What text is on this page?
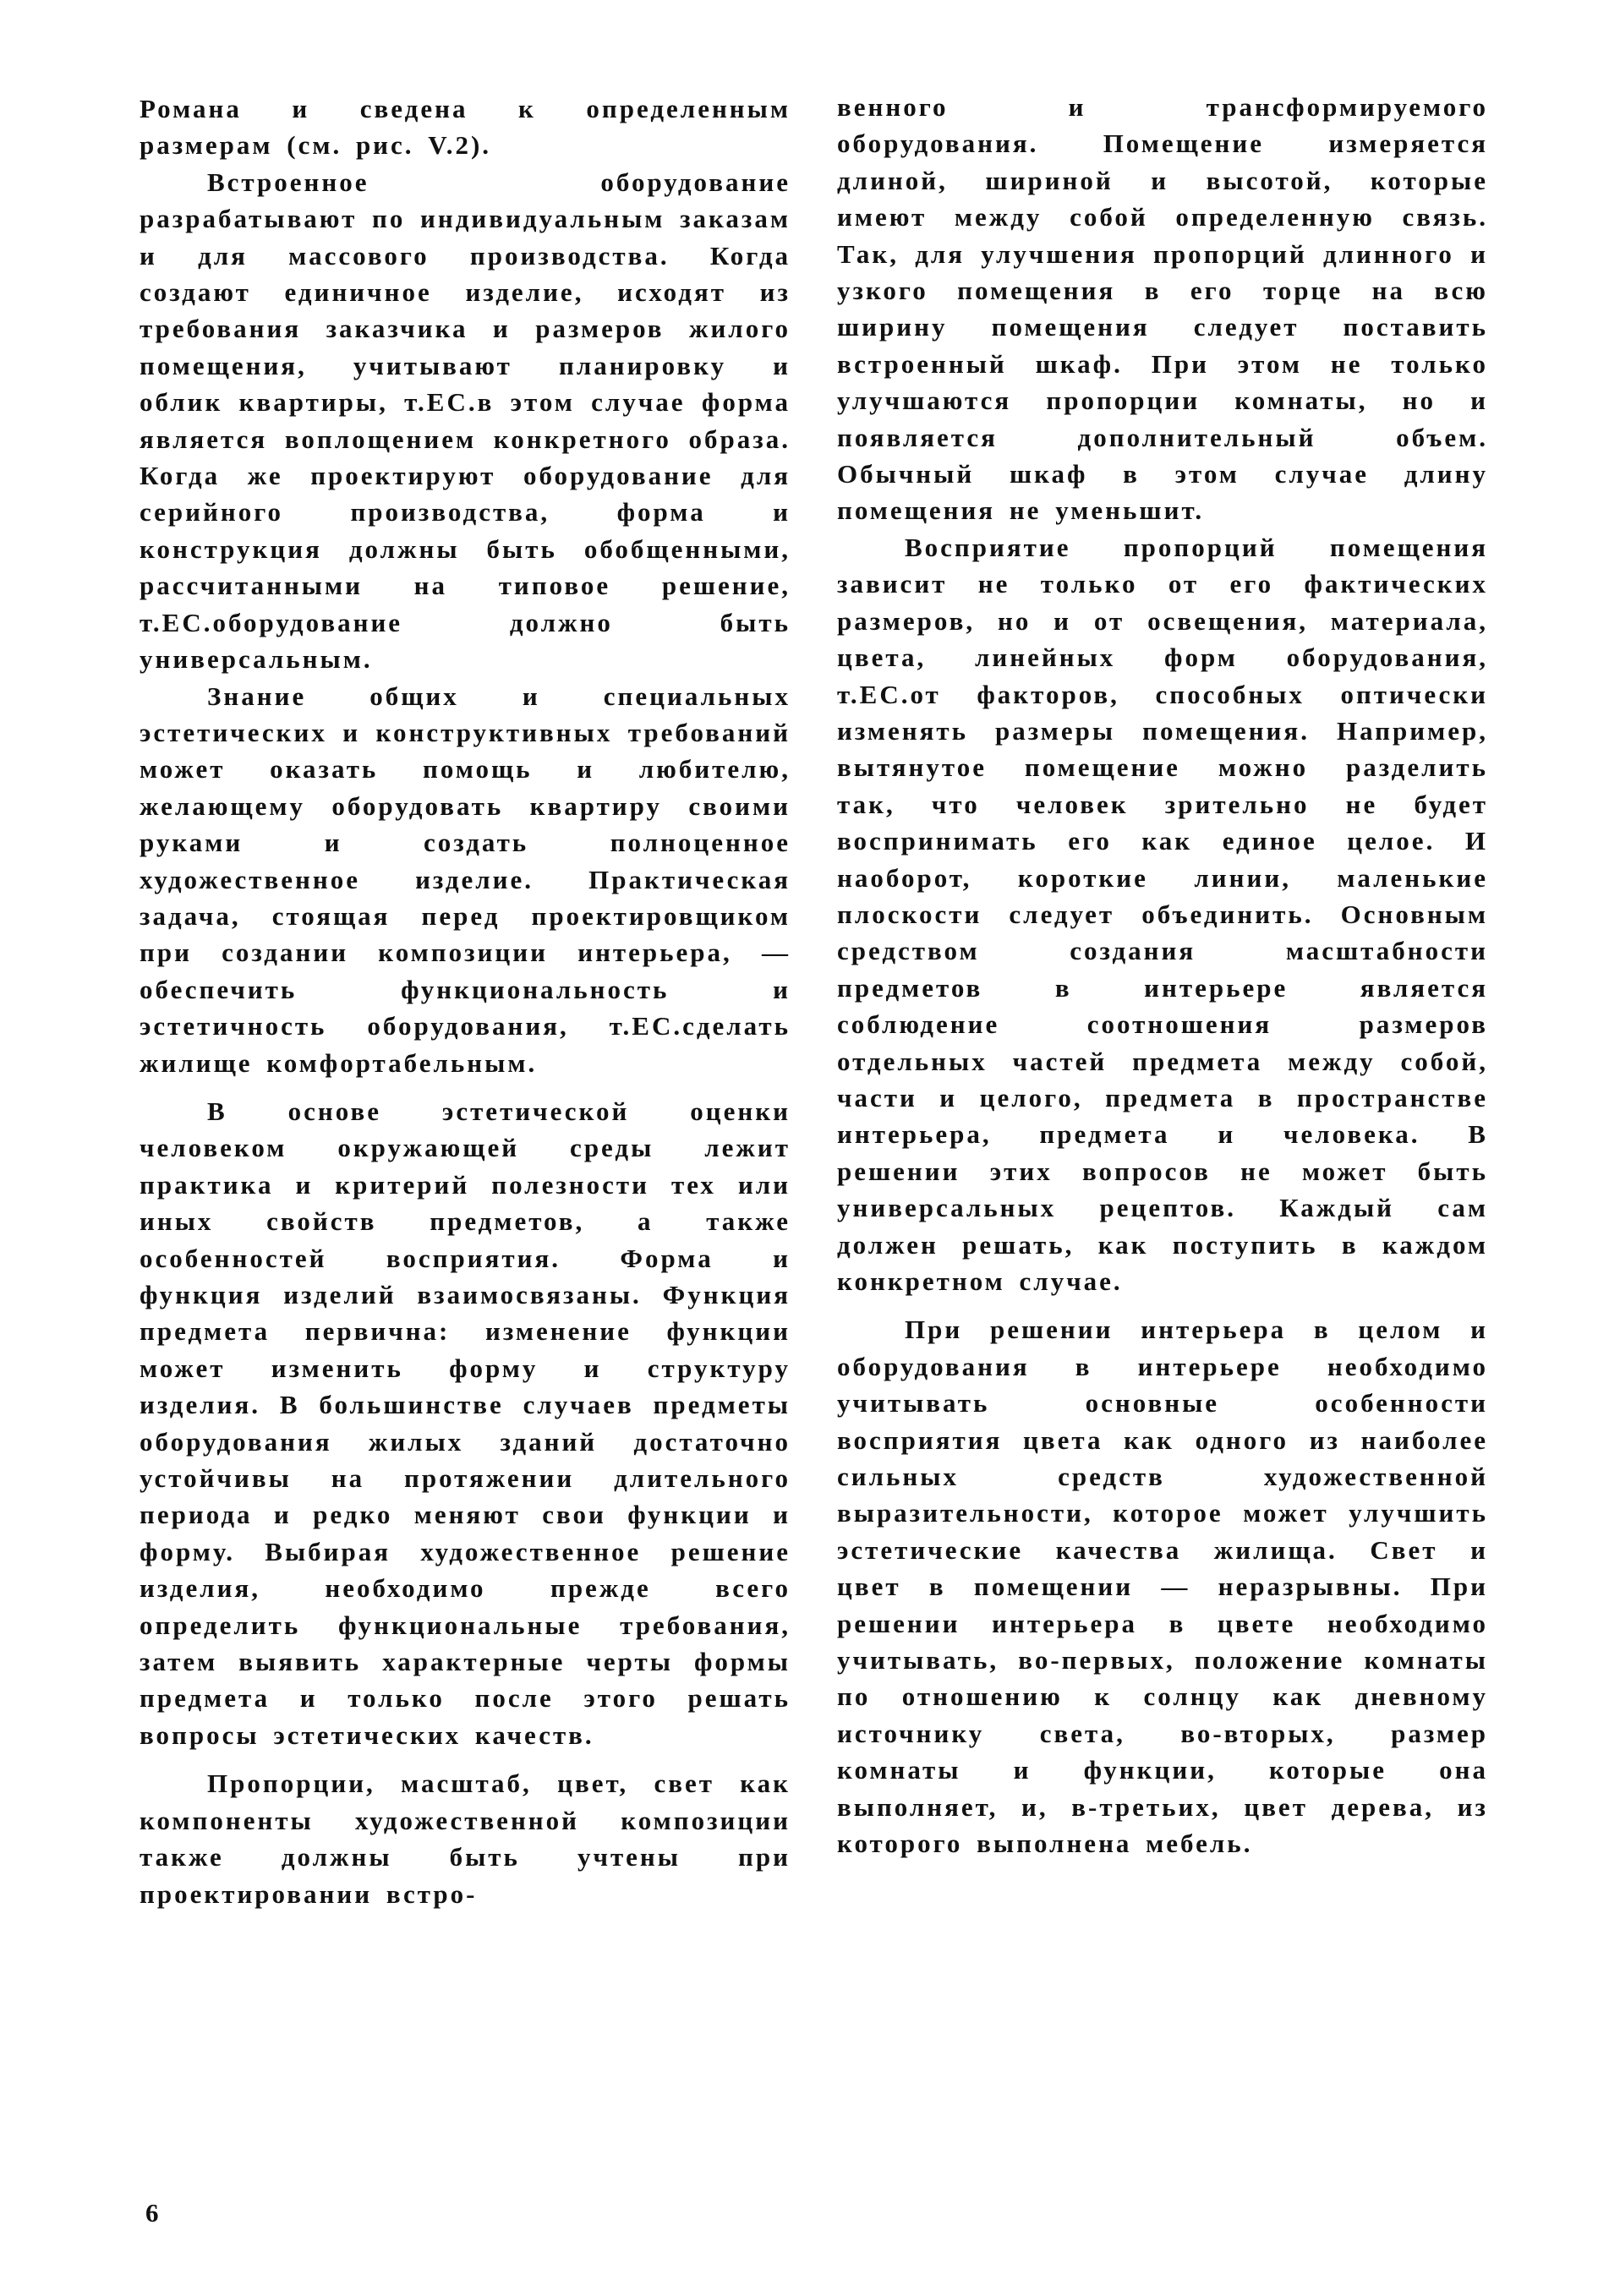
Романа и сведена к определенным размерам (см. рис. V.2).

Встроенное оборудование разрабатывают по индивидуальным заказам и для массового производства. Когда создают единичное изделие, исходят из требования заказчика и размеров жилого помещения, учитывают планировку и облик квартиры, т.ЕС.в этом случае форма является воплощением конкретного образа. Когда же проектируют оборудование для серийного производства, форма и конструкция должны быть обобщенными, рассчитанными на типовое решение, т.ЕС.оборудование должно быть универсальным.

Знание общих и специальных эстетических и конструктивных требований может оказать помощь и любителю, желающему оборудовать квартиру своими руками и создать полноценное художественное изделие. Практическая задача, стоящая перед проектировщиком при создании композиции интерьера, — обеспечить функциональность и эстетичность оборудования, т.ЕС.сделать жилище комфортабельным.

В основе эстетической оценки человеком окружающей среды лежит практика и критерий полезности тех или иных свойств предметов, а также особенностей восприятия. Форма и функция изделий взаимосвязаны. Функция предмета первична: изменение функции может изменить форму и структуру изделия. В большинстве случаев предметы оборудования жилых зданий достаточно устойчивы на протяжении длительного периода и редко меняют свои функции и форму. Выбирая художественное решение изделия, необходимо прежде всего определить функциональные требования, затем выявить характерные черты формы предмета и только после этого решать вопросы эстетических качеств.

Пропорции, масштаб, цвет, свет как компоненты художественной композиции также должны быть учтены при проектировании встро-

венного и трансформируемого оборудования. Помещение измеряется длиной, шириной и высотой, которые имеют между собой определенную связь. Так, для улучшения пропорций длинного и узкого помещения в его торце на всю ширину помещения следует поставить встроенный шкаф. При этом не только улучшаются пропорции комнаты, но и появляется дополнительный объем. Обычный шкаф в этом случае длину помещения не уменьшит.

Восприятие пропорций помещения зависит не только от его фактических размеров, но и от освещения, материала, цвета, линейных форм оборудования, т.ЕС.от факторов, способных оптически изменять размеры помещения. Например, вытянутое помещение можно разделить так, что человек зрительно не будет воспринимать его как единое целое. И наоборот, короткие линии, маленькие плоскости следует объединить. Основным средством создания масштабности предметов в интерьере является соблюдение соотношения размеров отдельных частей предмета между собой, части и целого, предмета в пространстве интерьера, предмета и человека. В решении этих вопросов не может быть универсальных рецептов. Каждый сам должен решать, как поступить в каждом конкретном случае.

При решении интерьера в целом и оборудования в интерьере необходимо учитывать основные особенности восприятия цвета как одного из наиболее сильных средств художественной выразительности, которое может улучшить эстетические качества жилища. Свет и цвет в помещении — неразрывны. При решении интерьера в цвете необходимо учитывать, во-первых, положение комнаты по отношению к солнцу как дневному источнику света, во-вторых, размер комнаты и функции, которые она выполняет, и, в-третьих, цвет дерева, из которого выполнена мебель.

6
